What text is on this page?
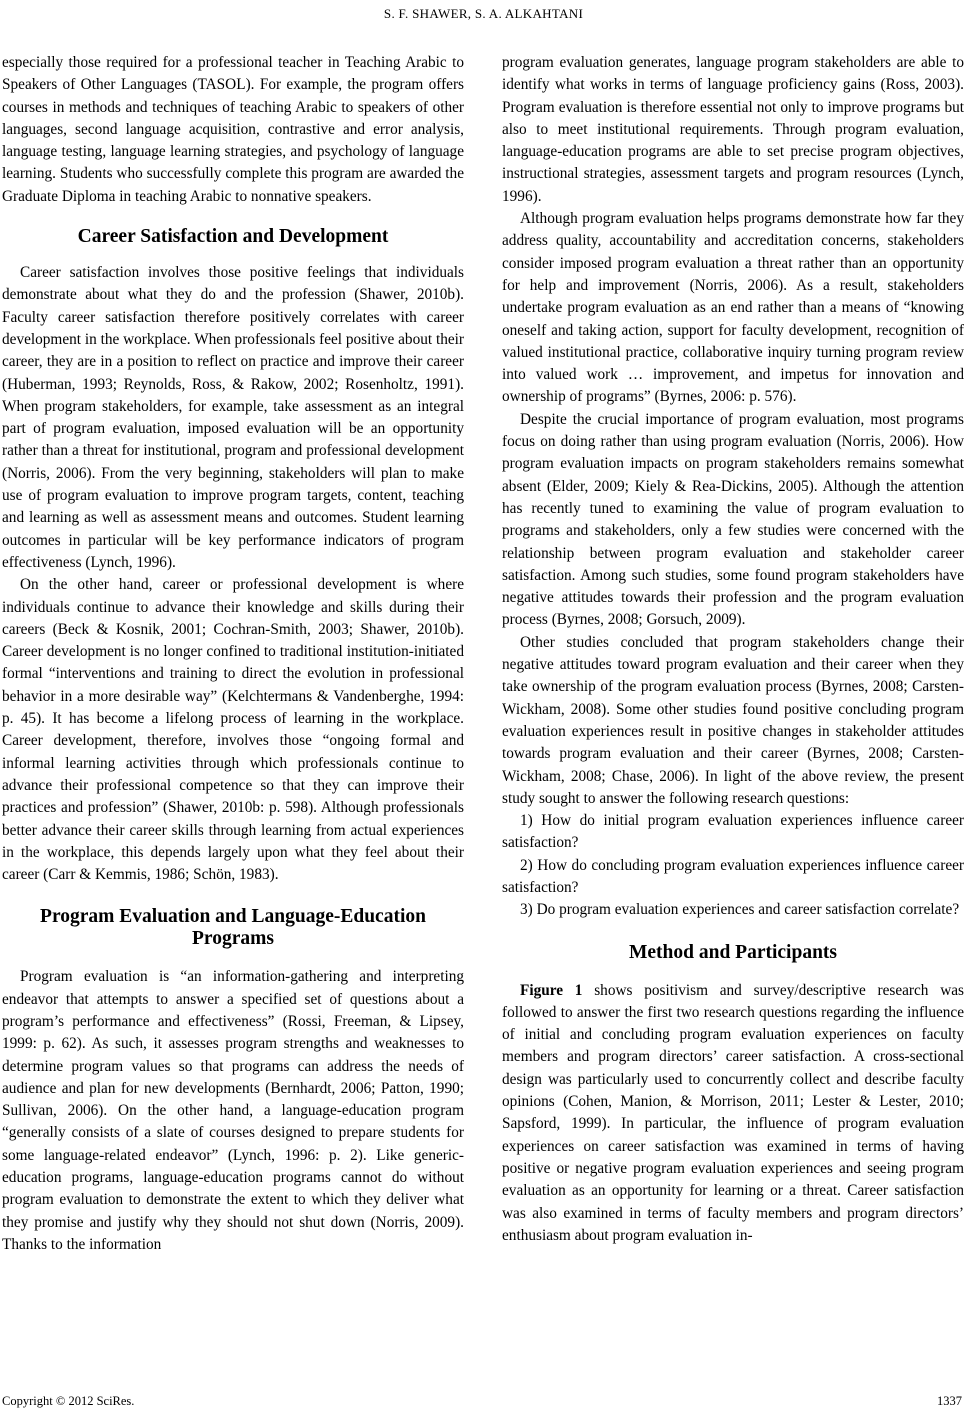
S. F. SHAWER, S. A. ALKAHTANI

especially those required for a professional teacher in Teaching Arabic to Speakers of Other Languages (TASOL). For example, the program offers courses in methods and techniques of teaching Arabic to speakers of other languages, second language acquisition, contrastive and error analysis, language testing, language learning strategies, and psychology of language learning. Students who successfully complete this program are awarded the Graduate Diploma in teaching Arabic to nonnative speakers.

Career Satisfaction and Development

Career satisfaction involves those positive feelings that individuals demonstrate about what they do and the profession (Shawer, 2010b). Faculty career satisfaction therefore positively correlates with career development in the workplace. When professionals feel positive about their career, they are in a position to reflect on practice and improve their career (Huberman, 1993; Reynolds, Ross, & Rakow, 2002; Rosenholtz, 1991). When program stakeholders, for example, take assessment as an integral part of program evaluation, imposed evaluation will be an opportunity rather than a threat for institutional, program and professional development (Norris, 2006). From the very beginning, stakeholders will plan to make use of program evaluation to improve program targets, content, teaching and learning as well as assessment means and outcomes. Student learning outcomes in particular will be key performance indicators of program effectiveness (Lynch, 1996).

On the other hand, career or professional development is where individuals continue to advance their knowledge and skills during their careers (Beck & Kosnik, 2001; Cochran-Smith, 2003; Shawer, 2010b). Career development is no longer confined to traditional institution-initiated formal “interventions and training to direct the evolution in professional behavior in a more desirable way” (Kelchtermans & Vandenberghe, 1994: p. 45). It has become a lifelong process of learning in the workplace. Career development, therefore, involves those “ongoing formal and informal learning activities through which professionals continue to advance their professional competence so that they can improve their practices and profession” (Shawer, 2010b: p. 598). Although professionals better advance their career skills through learning from actual experiences in the workplace, this depends largely upon what they feel about their career (Carr & Kemmis, 1986; Schön, 1983).

Program Evaluation and Language-Education Programs

Program evaluation is “an information-gathering and interpreting endeavor that attempts to answer a specified set of questions about a program’s performance and effectiveness” (Rossi, Freeman, & Lipsey, 1999: p. 62). As such, it assesses program strengths and weaknesses to determine program values so that programs can address the needs of audience and plan for new developments (Bernhardt, 2006; Patton, 1990; Sullivan, 2006). On the other hand, a language-education program “generally consists of a slate of courses designed to prepare students for some language-related endeavor” (Lynch, 1996: p. 2). Like generic-education programs, language-education programs cannot do without program evaluation to demonstrate the extent to which they deliver what they promise and justify why they should not shut down (Norris, 2009). Thanks to the information

program evaluation generates, language program stakeholders are able to identify what works in terms of language proficiency gains (Ross, 2003). Program evaluation is therefore essential not only to improve programs but also to meet institutional requirements. Through program evaluation, language-education programs are able to set precise program objectives, instructional strategies, assessment targets and program resources (Lynch, 1996).

Although program evaluation helps programs demonstrate how far they address quality, accountability and accreditation concerns, stakeholders consider imposed program evaluation a threat rather than an opportunity for help and improvement (Norris, 2006). As a result, stakeholders undertake program evaluation as an end rather than a means of “knowing oneself and taking action, support for faculty development, recognition of valued institutional practice, collaborative inquiry turning program review into valued work … improvement, and impetus for innovation and ownership of programs” (Byrnes, 2006: p. 576).

Despite the crucial importance of program evaluation, most programs focus on doing rather than using program evaluation (Norris, 2006). How program evaluation impacts on program stakeholders remains somewhat absent (Elder, 2009; Kiely & Rea-Dickins, 2005). Although the attention has recently tuned to examining the value of program evaluation to programs and stakeholders, only a few studies were concerned with the relationship between program evaluation and stakeholder career satisfaction. Among such studies, some found program stakeholders have negative attitudes towards their profession and the program evaluation process (Byrnes, 2008; Gorsuch, 2009).

Other studies concluded that program stakeholders change their negative attitudes toward program evaluation and their career when they take ownership of the program evaluation process (Byrnes, 2008; Carsten-Wickham, 2008). Some other studies found positive concluding program evaluation experiences result in positive changes in stakeholder attitudes towards program evaluation and their career (Byrnes, 2008; Carsten-Wickham, 2008; Chase, 2006). In light of the above review, the present study sought to answer the following research questions:

1) How do initial program evaluation experiences influence career satisfaction?

2) How do concluding program evaluation experiences influence career satisfaction?

3) Do program evaluation experiences and career satisfaction correlate?

Method and Participants

Figure 1 shows positivism and survey/descriptive research was followed to answer the first two research questions regarding the influence of initial and concluding program evaluation experiences on faculty members and program directors’ career satisfaction. A cross-sectional design was particularly used to concurrently collect and describe faculty opinions (Cohen, Manion, & Morrison, 2011; Lester & Lester, 2010; Sapsford, 1999). In particular, the influence of program evaluation experiences on career satisfaction was examined in terms of having positive or negative program evaluation experiences and seeing program evaluation as an opportunity for learning or a threat. Career satisfaction was also examined in terms of faculty members and program directors’ enthusiasm about program evaluation in-

Copyright © 2012 SciRes.	1337
